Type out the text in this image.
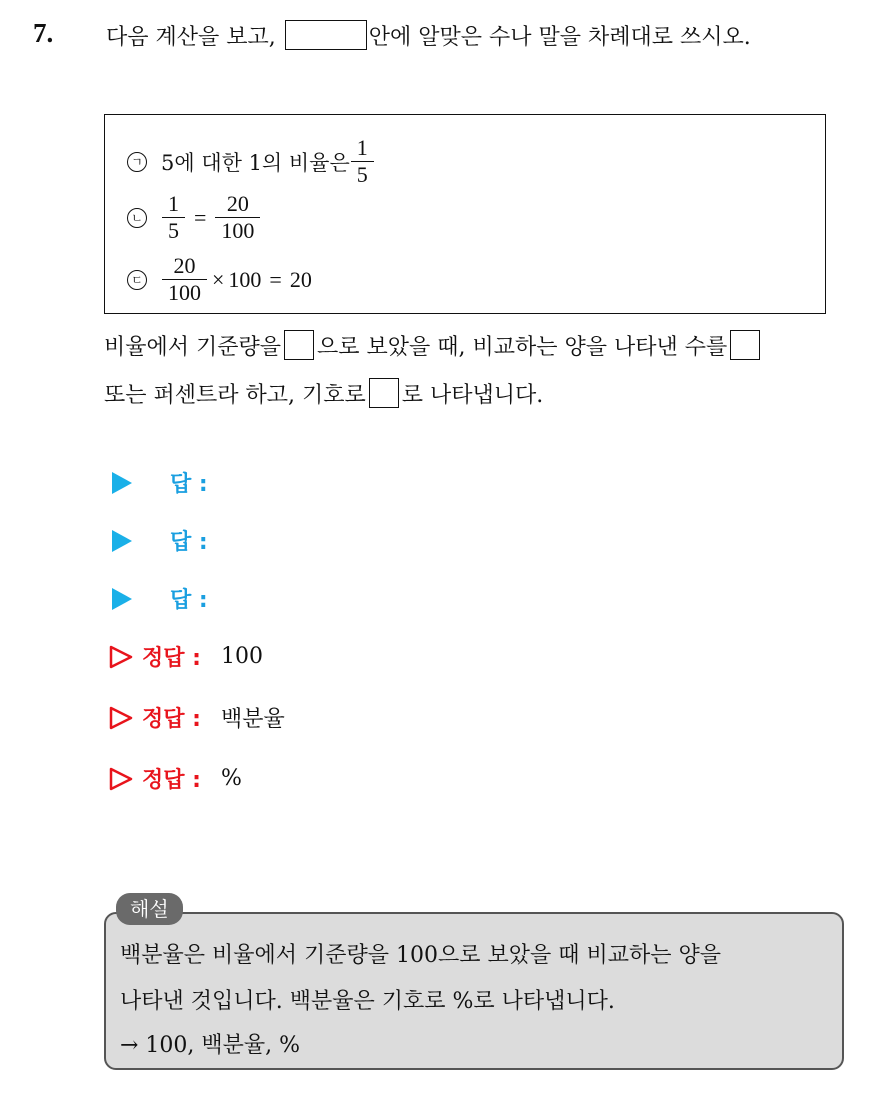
7. 다음 계산을 보고,	안에 알맞은 수나 말을 차례대로 쓰시오.
ㄱ 5에 대한 1의 비율은 $\frac{1}{5}$
ㄴ $\frac{1}{5} = \frac{20}{100}$
ㄷ $\frac{20}{100} \times 100 = 20$
비율에서 기준량을 으로 보았을 때, 비교하는 양을 나타낸 수를
또는 퍼센트라 하고, 기호로 로 나타냅니다.
답 :
답 :
답 :
정답 : 100
정답 : 백분율
정답 : %
해설
백분율은 비율에서 기준량을 100으로 보았을 때 비교하는 양을
나타낸 것입니다. 백분율은 기호로 %로 나타냅니다.
→ 100, 백분율, %
